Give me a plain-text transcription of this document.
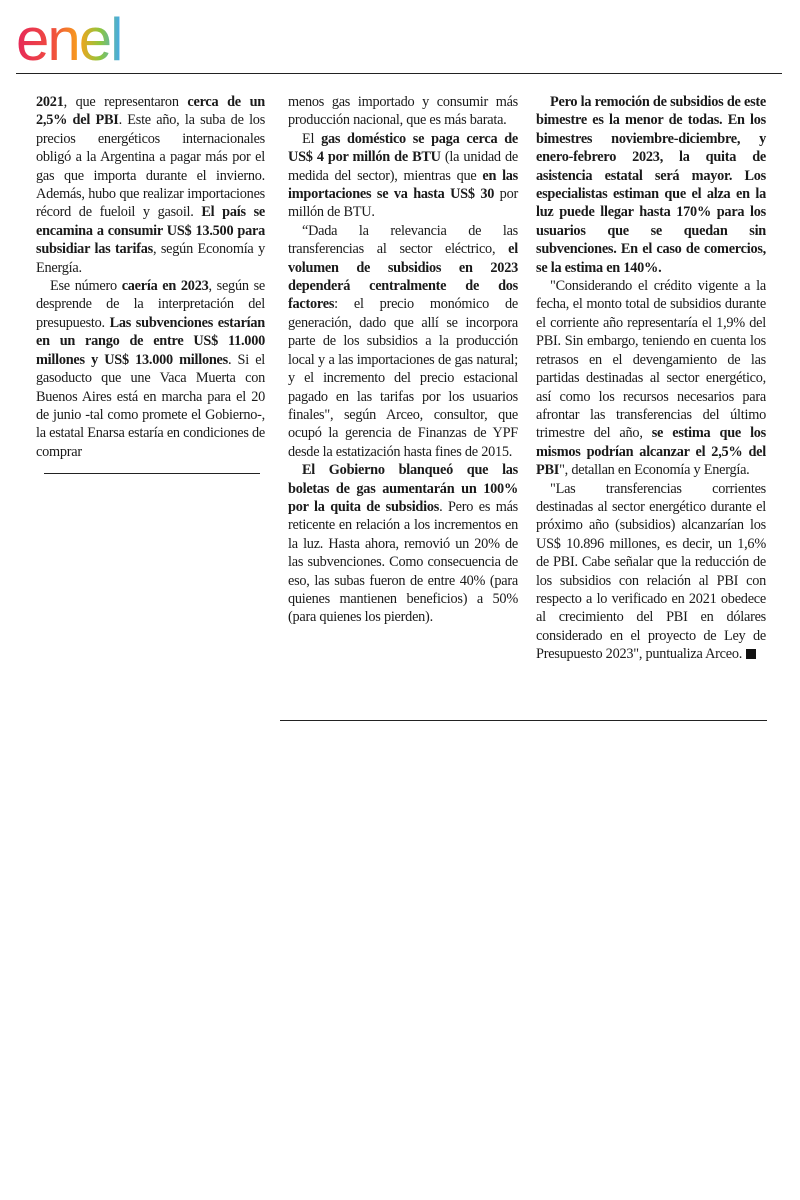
enel

2021, que representaron cerca de un 2,5% del PBI. Este año, la suba de los precios energéticos internacionales obligó a la Argentina a pagar más por el gas que importa durante el invierno. Además, hubo que realizar importaciones récord de fueloil y gasoil. El país se encamina a consumir US$ 13.500 para subsidiar las tarifas, según Economía y Energía.

Ese número caería en 2023, según se desprende de la interpretación del presupuesto. Las subvenciones estarían en un rango de entre US$ 11.000 millones y US$ 13.000 millones. Si el gasoducto que une Vaca Muerta con Buenos Aires está en marcha para el 20 de junio -tal como promete el Gobierno-, la estatal Enarsa estaría en condiciones de comprar

menos gas importado y consumir más producción nacional, que es más barata.

El gas doméstico se paga cerca de US$ 4 por millón de BTU (la unidad de medida del sector), mientras que en las importaciones se va hasta US$ 30 por millón de BTU.

“Dada la relevancia de las transferencias al sector eléctrico, el volumen de subsidios en 2023 dependerá centralmente de dos factores: el precio monómico de generación, dado que allí se incorpora parte de los subsidios a la producción local y a las importaciones de gas natural; y el incremento del precio estacional pagado en las tarifas por los usuarios finales", según Arceo, consultor, que ocupó la gerencia de Finanzas de YPF desde la estatización hasta fines de 2015.

El Gobierno blanqueó que las boletas de gas aumentarán un 100% por la quita de subsidios. Pero es más reticente en relación a los incrementos en la luz. Hasta ahora, removió un 20% de las subvenciones. Como consecuencia de eso, las subas fueron de entre 40% (para quienes mantienen beneficios) a 50% (para quienes los pierden).

Pero la remoción de subsidios de este bimestre es la menor de todas. En los bimestres noviembre-diciembre, y enero-febrero 2023, la quita de asistencia estatal será mayor. Los especialistas estiman que el alza en la luz puede llegar hasta 170% para los usuarios que se quedan sin subvenciones. En el caso de comercios, se la estima en 140%.

"Considerando el crédito vigente a la fecha, el monto total de subsidios durante el corriente año representaría el 1,9% del PBI. Sin embargo, teniendo en cuenta los retrasos en el devengamiento de las partidas destinadas al sector energético, así como los recursos necesarios para afrontar las transferencias del último trimestre del año, se estima que los mismos podrían alcanzar el 2,5% del PBI", detallan en Economía y Energía.

"Las transferencias corrientes destinadas al sector energético durante el próximo año (subsidios) alcanzarían los US$ 10.896 millones, es decir, un 1,6% de PBI. Cabe señalar que la reducción de los subsidios con relación al PBI con respecto a lo verificado en 2021 obedece al crecimiento del PBI en dólares considerado en el proyecto de Ley de Presupuesto 2023", puntualiza Arceo.
